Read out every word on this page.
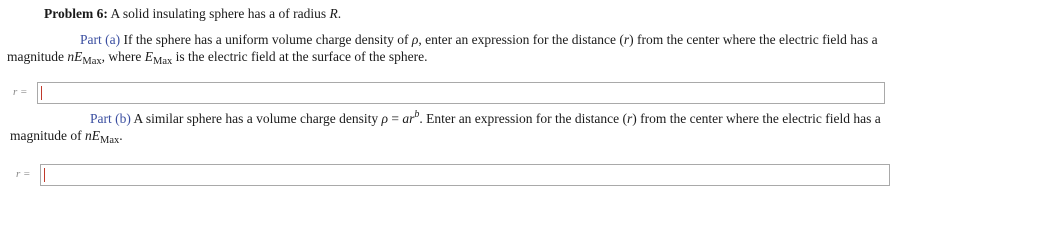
Problem 6: A solid insulating sphere has a of radius R.
Part (a) If the sphere has a uniform volume charge density of ρ, enter an expression for the distance (r) from the center where the electric field has a
magnitude $nE_{Max}$, where $E_{Max}$ is the electric field at the surface of the sphere.
r =
Part (b) A similar sphere has a volume charge density $\rho = ar^b$. Enter an expression for the distance (r) from the center where the electric field has a
magnitude of $nE_{Max}$.
r =
